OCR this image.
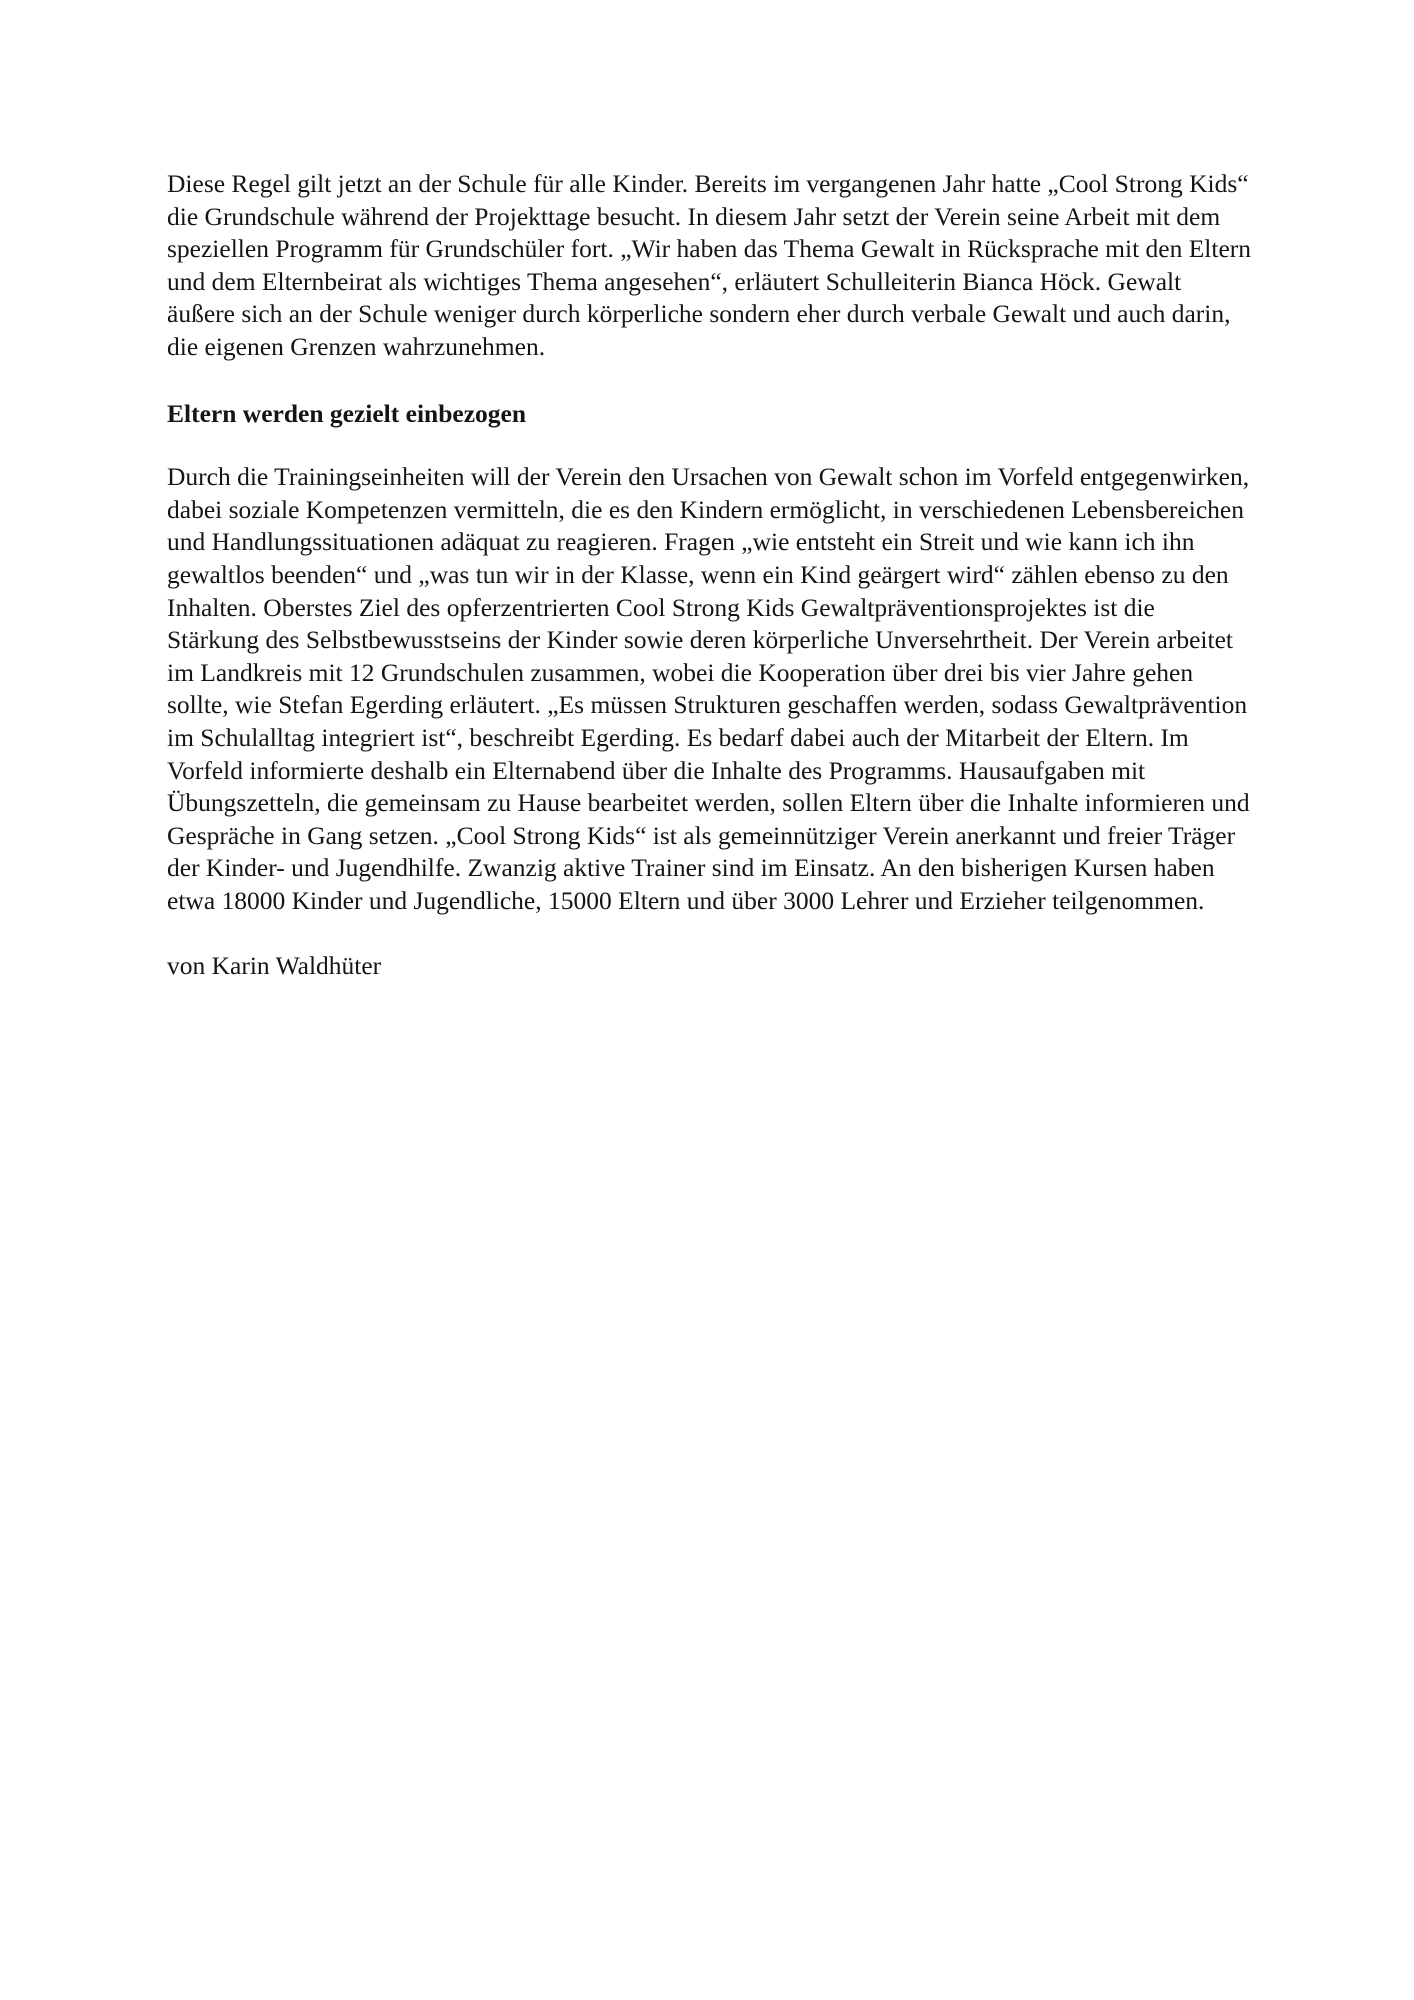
Diese Regel gilt jetzt an der Schule für alle Kinder. Bereits im vergangenen Jahr hatte „Cool Strong Kids“ die Grundschule während der Projekttage besucht. In diesem Jahr setzt der Verein seine Arbeit mit dem speziellen Programm für Grundschüler fort. „Wir haben das Thema Gewalt in Rücksprache mit den Eltern und dem Elternbeirat als wichtiges Thema angesehen“, erläutert Schulleiterin Bianca Höck. Gewalt äußere sich an der Schule weniger durch körperliche sondern eher durch verbale Gewalt und auch darin, die eigenen Grenzen wahrzunehmen.

Eltern werden gezielt einbezogen

Durch die Trainingseinheiten will der Verein den Ursachen von Gewalt schon im Vorfeld entgegenwirken, dabei soziale Kompetenzen vermitteln, die es den Kindern ermöglicht, in verschiedenen Lebensbereichen und Handlungssituationen adäquat zu reagieren. Fragen „wie entsteht ein Streit und wie kann ich ihn gewaltlos beenden“ und „was tun wir in der Klasse, wenn ein Kind geärgert wird“ zählen ebenso zu den Inhalten. Oberstes Ziel des opferzentrierten Cool Strong Kids Gewaltpräventionsprojektes ist die Stärkung des Selbstbewusstseins der Kinder sowie deren körperliche Unversehrtheit. Der Verein arbeitet im Landkreis mit 12 Grundschulen zusammen, wobei die Kooperation über drei bis vier Jahre gehen sollte, wie Stefan Egerding erläutert. „Es müssen Strukturen geschaffen werden, sodass Gewaltprävention im Schulalltag integriert ist“, beschreibt Egerding. Es bedarf dabei auch der Mitarbeit der Eltern. Im Vorfeld informierte deshalb ein Elternabend über die Inhalte des Programms. Hausaufgaben mit Übungszetteln, die gemeinsam zu Hause bearbeitet werden, sollen Eltern über die Inhalte informieren und Gespräche in Gang setzen. „Cool Strong Kids“ ist als gemeinnütziger Verein anerkannt und freier Träger der Kinder- und Jugendhilfe. Zwanzig aktive Trainer sind im Einsatz. An den bisherigen Kursen haben etwa 18000 Kinder und Jugendliche, 15000 Eltern und über 3000 Lehrer und Erzieher teilgenommen.

von Karin Waldhüter
